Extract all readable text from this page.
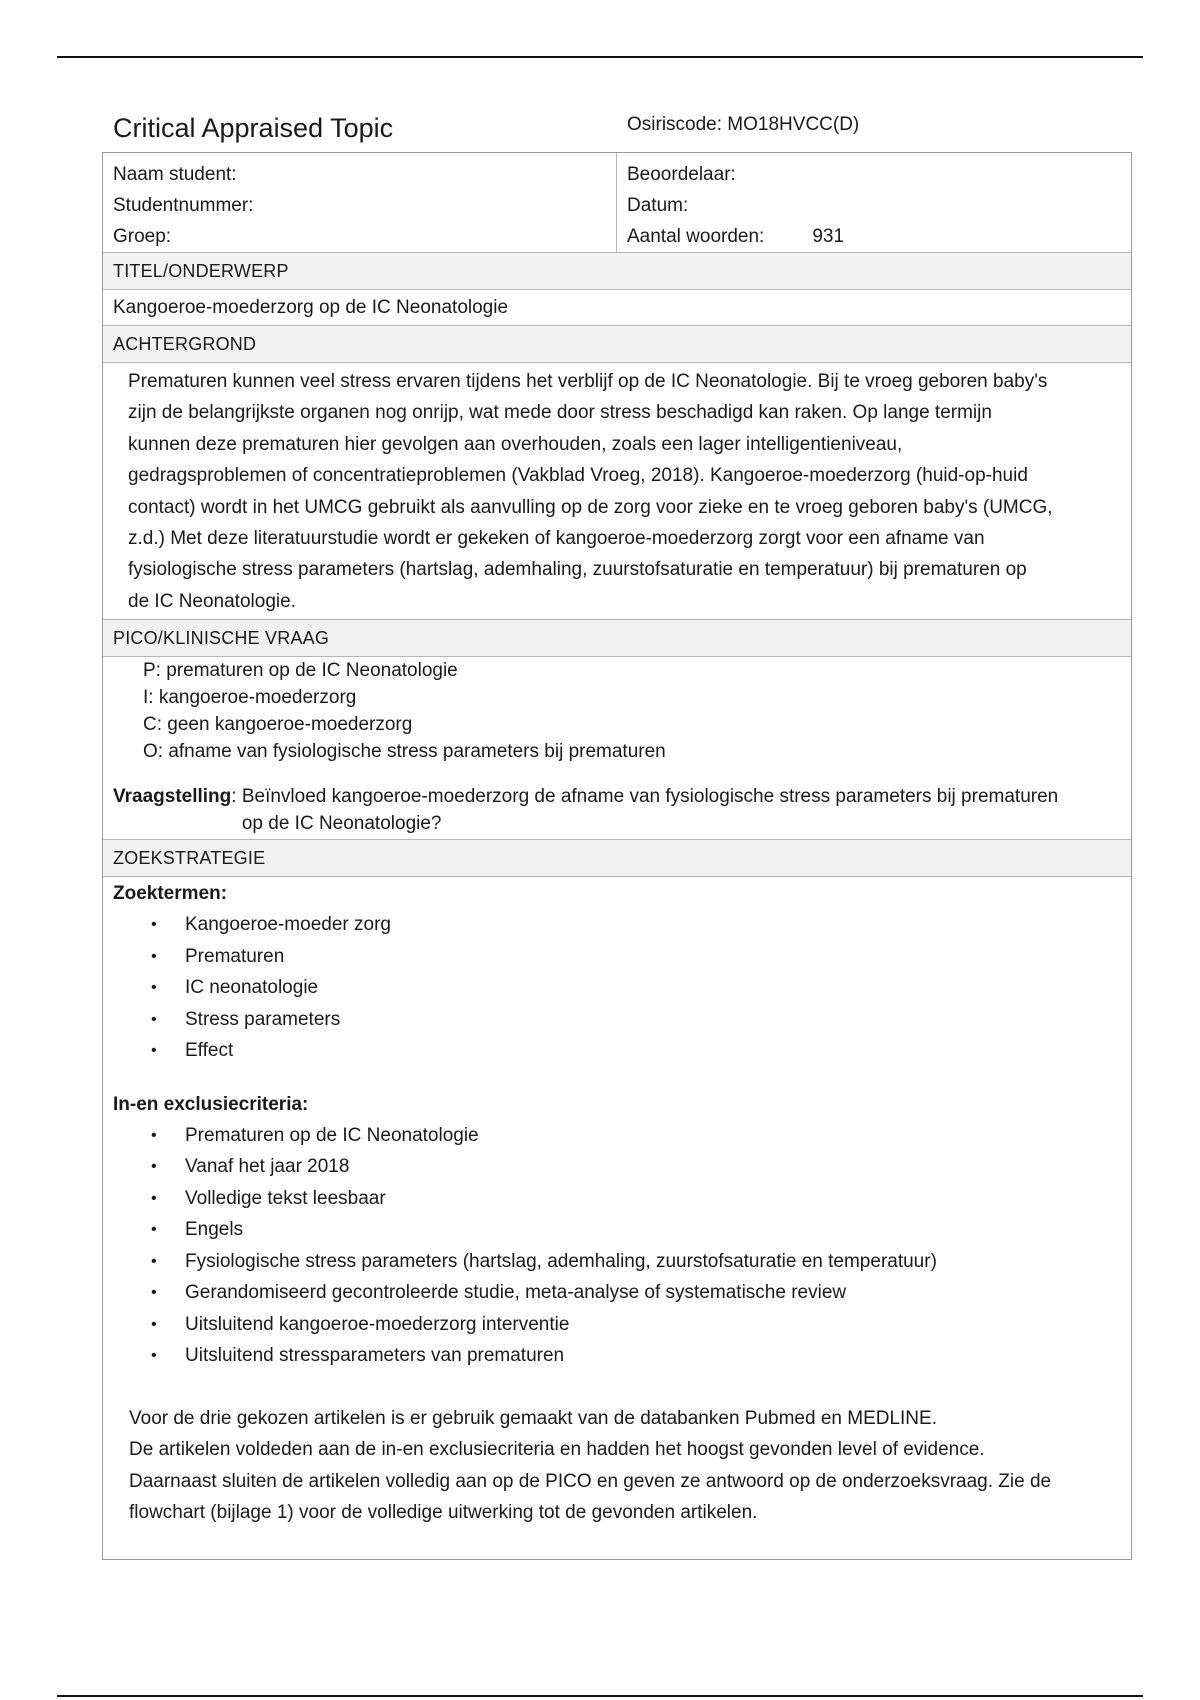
Critical Appraised Topic	Osiriscode: MO18HVCC(D)
Naam student:
Studentnummer:
Groep:
Beoordelaar:
Datum:
Aantal woorden:	931
TITEL/ONDERWERP
Kangoeroe-moederzorg op de IC Neonatologie
ACHTERGROND
Prematuren kunnen veel stress ervaren tijdens het verblijf op de IC Neonatologie. Bij te vroeg geboren baby's
zijn de belangrijkste organen nog onrijp, wat mede door stress beschadigd kan raken. Op lange termijn
kunnen deze prematuren hier gevolgen aan overhouden, zoals een lager intelligentieniveau,
gedragsproblemen of concentratieproblemen (Vakblad Vroeg, 2018). Kangoeroe-moederzorg (huid-op-huid
contact) wordt in het UMCG gebruikt als aanvulling op de zorg voor zieke en te vroeg geboren baby's (UMCG,
z.d.) Met deze literatuurstudie wordt er gekeken of kangoeroe-moederzorg zorgt voor een afname van
fysiologische stress parameters (hartslag, ademhaling, zuurstofsaturatie en temperatuur) bij prematuren op
de IC Neonatologie.
PICO/KLINISCHE VRAAG
P: prematuren op de IC Neonatologie
I: kangoeroe-moederzorg
C: geen kangoeroe-moederzorg
O: afname van fysiologische stress parameters bij prematuren
Vraagstelling : Beïnvloed kangoeroe-moederzorg de afname van fysiologische stress parameters bij prematuren
op de IC Neonatologie?
ZOEKSTRATEGIE
Zoektermen:
•	Kangoeroe-moeder zorg
•	Prematuren
•	IC neonatologie
•	Stress parameters
•	Effect
In-en exclusiecriteria:
•	Prematuren op de IC Neonatologie
•	Vanaf het jaar 2018
•	Volledige tekst leesbaar
•	Engels
•	Fysiologische stress parameters (hartslag, ademhaling, zuurstofsaturatie en temperatuur)
•	Gerandomiseerd gecontroleerde studie, meta-analyse of systematische review
•	Uitsluitend kangoeroe-moederzorg interventie
•	Uitsluitend stressparameters van prematuren
Voor de drie gekozen artikelen is er gebruik gemaakt van de databanken Pubmed en MEDLINE.
De artikelen voldeden aan de in-en exclusiecriteria en hadden het hoogst gevonden level of evidence.
Daarnaast sluiten de artikelen volledig aan op de PICO en geven ze antwoord op de onderzoeksvraag. Zie de
flowchart (bijlage 1) voor de volledige uitwerking tot de gevonden artikelen.
